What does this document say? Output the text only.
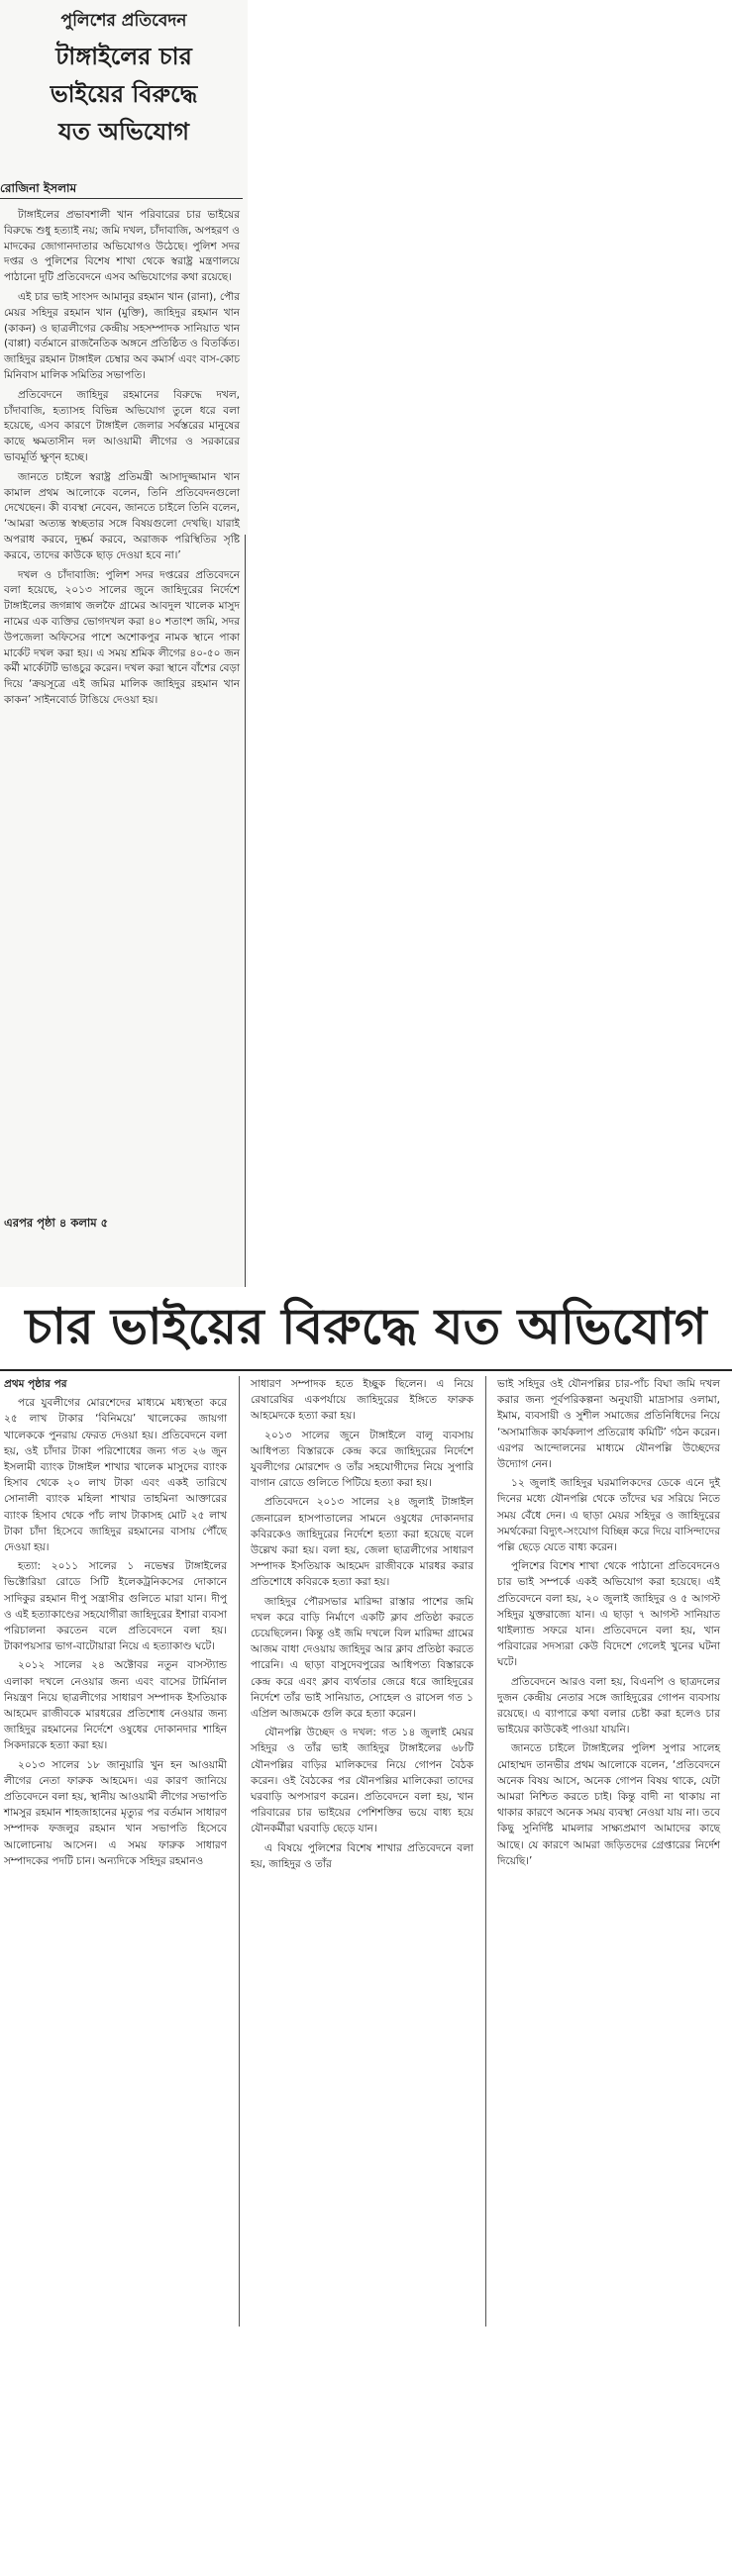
পুলিশের প্রতিবেদন
টাঙ্গাইলের চার
ভাইয়ের বিরুদ্ধে
যত অভিযোগ
রোজিনা ইসলাম

টাঙ্গাইলের প্রভাবশালী খান পরিবারের চার ভাইয়ের বিরুদ্ধে শুধু হত্যাই নয়; জমি দখল, চাঁদাবাজি, অপহরণ ও মাদকের জোগানদাতার অভিযোগও উঠেছে। পুলিশ সদর দপ্তর ও পুলিশের বিশেষ শাখা থেকে স্বরাষ্ট্র মন্ত্রণালয়ে পাঠানো দুটি প্রতিবেদনে এসব অভিযোগের কথা রয়েছে।

এই চার ভাই সাংসদ আমানুর রহমান খান (রানা), পৌর মেয়র সহিদুর রহমান খান (মুক্তি), জাহিদুর রহমান খান (কাকন) ও ছাত্রলীগের কেন্দ্রীয় সহসম্পাদক সানিয়াত খান (বাপ্পা) বর্তমানে রাজনৈতিক অঙ্গনে প্রতিষ্ঠিত ও বিতর্কিত। জাহিদুর রহমান টাঙ্গাইল চেম্বার অব কমার্স এবং বাস-কোচ মিনিবাস মালিক সমিতির সভাপতি।

প্রতিবেদনে জাহিদুর রহমানের বিরুদ্ধে দখল, চাঁদাবাজি, হত্যাসহ বিভিন্ন অভিযোগ তুলে ধরে বলা হয়েছে, এসব কারণে টাঙ্গাইল জেলার সর্বস্তরের মানুষের কাছে ক্ষমতাসীন দল আওয়ামী লীগের ও সরকারের ভাবমূর্তি ক্ষুণ্ন হচ্ছে।

জানতে চাইলে স্বরাষ্ট্র প্রতিমন্ত্রী আসাদুজ্জামান খান কামাল প্রথম আলোকে বলেন, তিনি প্রতিবেদনগুলো দেখেছেন। কী ব্যবস্থা নেবেন, জানতে চাইলে তিনি বলেন, ‘আমরা অত্যন্ত স্বচ্ছতার সঙ্গে বিষয়গুলো দেখছি। যারাই অপরাধ করবে, দুষ্কর্ম করবে, অরাজক পরিস্থিতির সৃষ্টি করবে, তাদের কাউকে ছাড় দেওয়া হবে না।’

দখল ও চাঁদাবাজি: পুলিশ সদর দপ্তরের প্রতিবেদনে বলা হয়েছে, ২০১৩ সালের জুনে জাহিদুরের নির্দেশে টাঙ্গাইলের জগন্নাথ জলফৈ গ্রামের আবদুল খালেক মাসুদ নামের এক ব্যক্তির ভোগদখল করা ৪০ শতাংশ জমি, সদর উপজেলা অফিসের পাশে অশোকপুর নামক স্থানে পাকা মার্কেট দখল করা হয়। এ সময় শ্রমিক লীগের ৪০-৫০ জন কর্মী মার্কেটটি ভাঙচুর করেন। দখল করা স্থানে বাঁশের বেড়া দিয়ে ‘ক্রয়সূত্রে এই জমির মালিক জাহিদুর রহমান খান কাকন’ সাইনবোর্ড টাঙিয়ে দেওয়া হয়।

এরপর পৃষ্ঠা ৪ কলাম ৫
চার ভাইয়ের বিরুদ্ধে যত অভিযোগ

প্রথম পৃষ্ঠার পর

পরে যুবলীগের মোরশেদের মাধ্যমে মধ্যস্থতা করে ২৫ লাখ টাকার ‘বিনিময়ে’ খালেকের জায়গা খালেককে পুনরায় ফেরত দেওয়া হয়। প্রতিবেদনে বলা হয়, ওই চাঁদার টাকা পরিশোধের জন্য গত ২৬ জুন ইসলামী ব্যাংক টাঙ্গাইল শাখার খালেক মাসুদের ব্যাংক হিসাব থেকে ২০ লাখ টাকা এবং একই তারিখে সোনালী ব্যাংক মহিলা শাখার তাহমিনা আক্তারের ব্যাংক হিসাব থেকে পাঁচ লাখ টাকাসহ মোট ২৫ লাখ টাকা চাঁদা হিসেবে জাহিদুর রহমানের বাসায় পৌঁছে দেওয়া হয়।

হত্যা: ২০১১ সালের ১ নভেম্বর টাঙ্গাইলের ভিক্টোরিয়া রোডে সিটি ইলেকট্রনিকসের দোকানে সাদিকুর রহমান দীপু সন্ত্রাসীর গুলিতে মারা যান। দীপু ও এই হত্যাকাণ্ডের সহযোগীরা জাহিদুরের ইশারা ব্যবসা পরিচালনা করতেন বলে প্রতিবেদনে বলা হয়। টাকাপয়সার ভাগ-বাটোয়ারা নিয়ে এ হত্যাকাণ্ড ঘটে।

২০১২ সালের ২৪ অক্টোবর নতুন বাসস্ট্যান্ড এলাকা দখলে নেওয়ার জন্য এবং বাসের টার্মিনাল নিয়ন্ত্রণ নিয়ে ছাত্রলীগের সাধারণ সম্পাদক ইসতিয়াক আহমেদ রাজীবকে মারধরের প্রতিশোধ নেওয়ার জন্য জাহিদুর রহমানের নির্দেশে ওষুধের দোকানদার শাহিন সিকদারকে হত্যা করা হয়।

২০১৩ সালের ১৮ জানুয়ারি খুন হন আওয়ামী লীগের নেতা ফারুক আহমেদ। এর কারণ জানিয়ে প্রতিবেদনে বলা হয়, স্থানীয় আওয়ামী লীগের সভাপতি শামসুর রহমান শাহজাহানের মৃত্যুর পর বর্তমান সাধারণ সম্পাদক ফজলুর রহমান খান সভাপতি হিসেবে আলোচনায় আসেন। এ সময় ফারুক সাধারণ সম্পাদকের পদটি চান। অন্যদিকে সহিদুর রহমানও

সাধারণ সম্পাদক হতে ইচ্ছুক ছিলেন। এ নিয়ে রেষারেষির একপর্যায়ে জাহিদুরের ইঙ্গিতে ফারুক আহমেদকে হত্যা করা হয়।

২০১৩ সালের জুনে টাঙ্গাইলে বালু ব্যবসায় আধিপত্য বিস্তারকে কেন্দ্র করে জাহিদুরের নির্দেশে যুবলীগের মোরশেদ ও তাঁর সহযোগীদের নিয়ে সুপারি বাগান রোডে গুলিতে পিটিয়ে হত্যা করা হয়।

প্রতিবেদনে ২০১৩ সালের ২৪ জুলাই টাঙ্গাইল জেনারেল হাসপাতালের সামনে ওষুধের দোকানদার কবিরকেও জাহিদুরের নির্দেশে হত্যা করা হয়েছে বলে উল্লেখ করা হয়। বলা হয়, জেলা ছাত্রলীগের সাধারণ সম্পাদক ইসতিয়াক আহমেদ রাজীবকে মারধর করার প্রতিশোধে কবিরকে হত্যা করা হয়।

জাহিদুর পৌরসভার মারিদ্দা রাস্তার পাশের জমি দখল করে বাড়ি নির্মাণে একটি ক্লাব প্রতিষ্ঠা করতে চেয়েছিলেন। কিন্তু ওই জমি দখলে বিল মারিদ্দা গ্রামের আজম বাধা দেওয়ায় জাহিদুর আর ক্লাব প্রতিষ্ঠা করতে পারেনি। এ ছাড়া বাসুদেবপুরের আধিপত্য বিস্তারকে কেন্দ্র করে এবং ক্লাব ব্যর্থতার জেরে ধরে জাহিদুরের নির্দেশে তাঁর ভাই সানিয়াত, সোহেল ও রাসেল গত ১ এপ্রিল আজমকে গুলি করে হত্যা করেন।

যৌনপল্লি উচ্ছেদ ও দখল: গত ১৪ জুলাই মেয়র সহিদুর ও তাঁর ভাই জাহিদুর টাঙ্গাইলের ৬৮টি যৌনপল্লির বাড়ির মালিকদের নিয়ে গোপন বৈঠক করেন। ওই বৈঠকের পর যৌনপল্লির মালিকেরা তাদের ঘরবাড়ি অপসারণ করেন। প্রতিবেদনে বলা হয়, খান পরিবারের চার ভাইয়ের পেশিশক্তির ভয়ে বাধ্য হয়ে যৌনকর্মীরা ঘরবাড়ি ছেড়ে যান।

এ বিষয়ে পুলিশের বিশেষ শাখার প্রতিবেদনে বলা হয়, জাহিদুর ও তাঁর

ভাই সহিদুর ওই যৌনপল্লির চার-পাঁচ বিঘা জমি দখল করার জন্য পূর্বপরিকল্পনা অনুযায়ী মাদ্রাসার ওলামা, ইমাম, ব্যবসায়ী ও সুশীল সমাজের প্রতিনিধিদের নিয়ে ‘অসামাজিক কার্যকলাপ প্রতিরোধ কমিটি’ গঠন করেন। এরপর আন্দোলনের মাধ্যমে যৌনপল্লি উচ্ছেদের উদ্যোগ নেন।

১২ জুলাই জাহিদুর ঘরমালিকদের ডেকে এনে দুই দিনের মধ্যে যৌনপল্লি থেকে তাঁদের ঘর সরিয়ে নিতে সময় বেঁধে দেন। এ ছাড়া মেয়র সহিদুর ও জাহিদুরের সমর্থকেরা বিদ্যুৎ-সংযোগ বিচ্ছিন্ন করে দিয়ে বাসিন্দাদের পল্লি ছেড়ে যেতে বাধ্য করেন।

পুলিশের বিশেষ শাখা থেকে পাঠানো প্রতিবেদনেও চার ভাই সম্পর্কে একই অভিযোগ করা হয়েছে। এই প্রতিবেদনে বলা হয়, ২০ জুলাই জাহিদুর ও ৫ আগস্ট সহিদুর যুক্তরাজ্যে যান। এ ছাড়া ৭ আগস্ট সানিয়াত থাইল্যান্ড সফরে যান। প্রতিবেদনে বলা হয়, খান পরিবারের সদস্যরা কেউ বিদেশে গেলেই খুনের ঘটনা ঘটে।

প্রতিবেদনে আরও বলা হয়, বিএনপি ও ছাত্রদলের দুজন কেন্দ্রীয় নেতার সঙ্গে জাহিদুরের গোপন ব্যবসায় রয়েছে। এ ব্যাপারে কথা বলার চেষ্টা করা হলেও চার ভাইয়ের কাউকেই পাওয়া যায়নি।

জানতে চাইলে টাঙ্গাইলের পুলিশ সুপার সালেহ মোহাম্মদ তানভীর প্রথম আলোকে বলেন, ‘প্রতিবেদনে অনেক বিষয় আসে, অনেক গোপন বিষয় থাকে, যেটা আমরা নিশ্চিত করতে চাই। কিন্তু বাদী না থাকায় না থাকার কারণে অনেক সময় ব্যবস্থা নেওয়া যায় না। তবে কিছু সুনির্দিষ্ট মামলার সাক্ষ্যপ্রমাণ আমাদের কাছে আছে। যে কারণে আমরা জড়িতদের গ্রেপ্তারের নির্দেশ দিয়েছি।’
